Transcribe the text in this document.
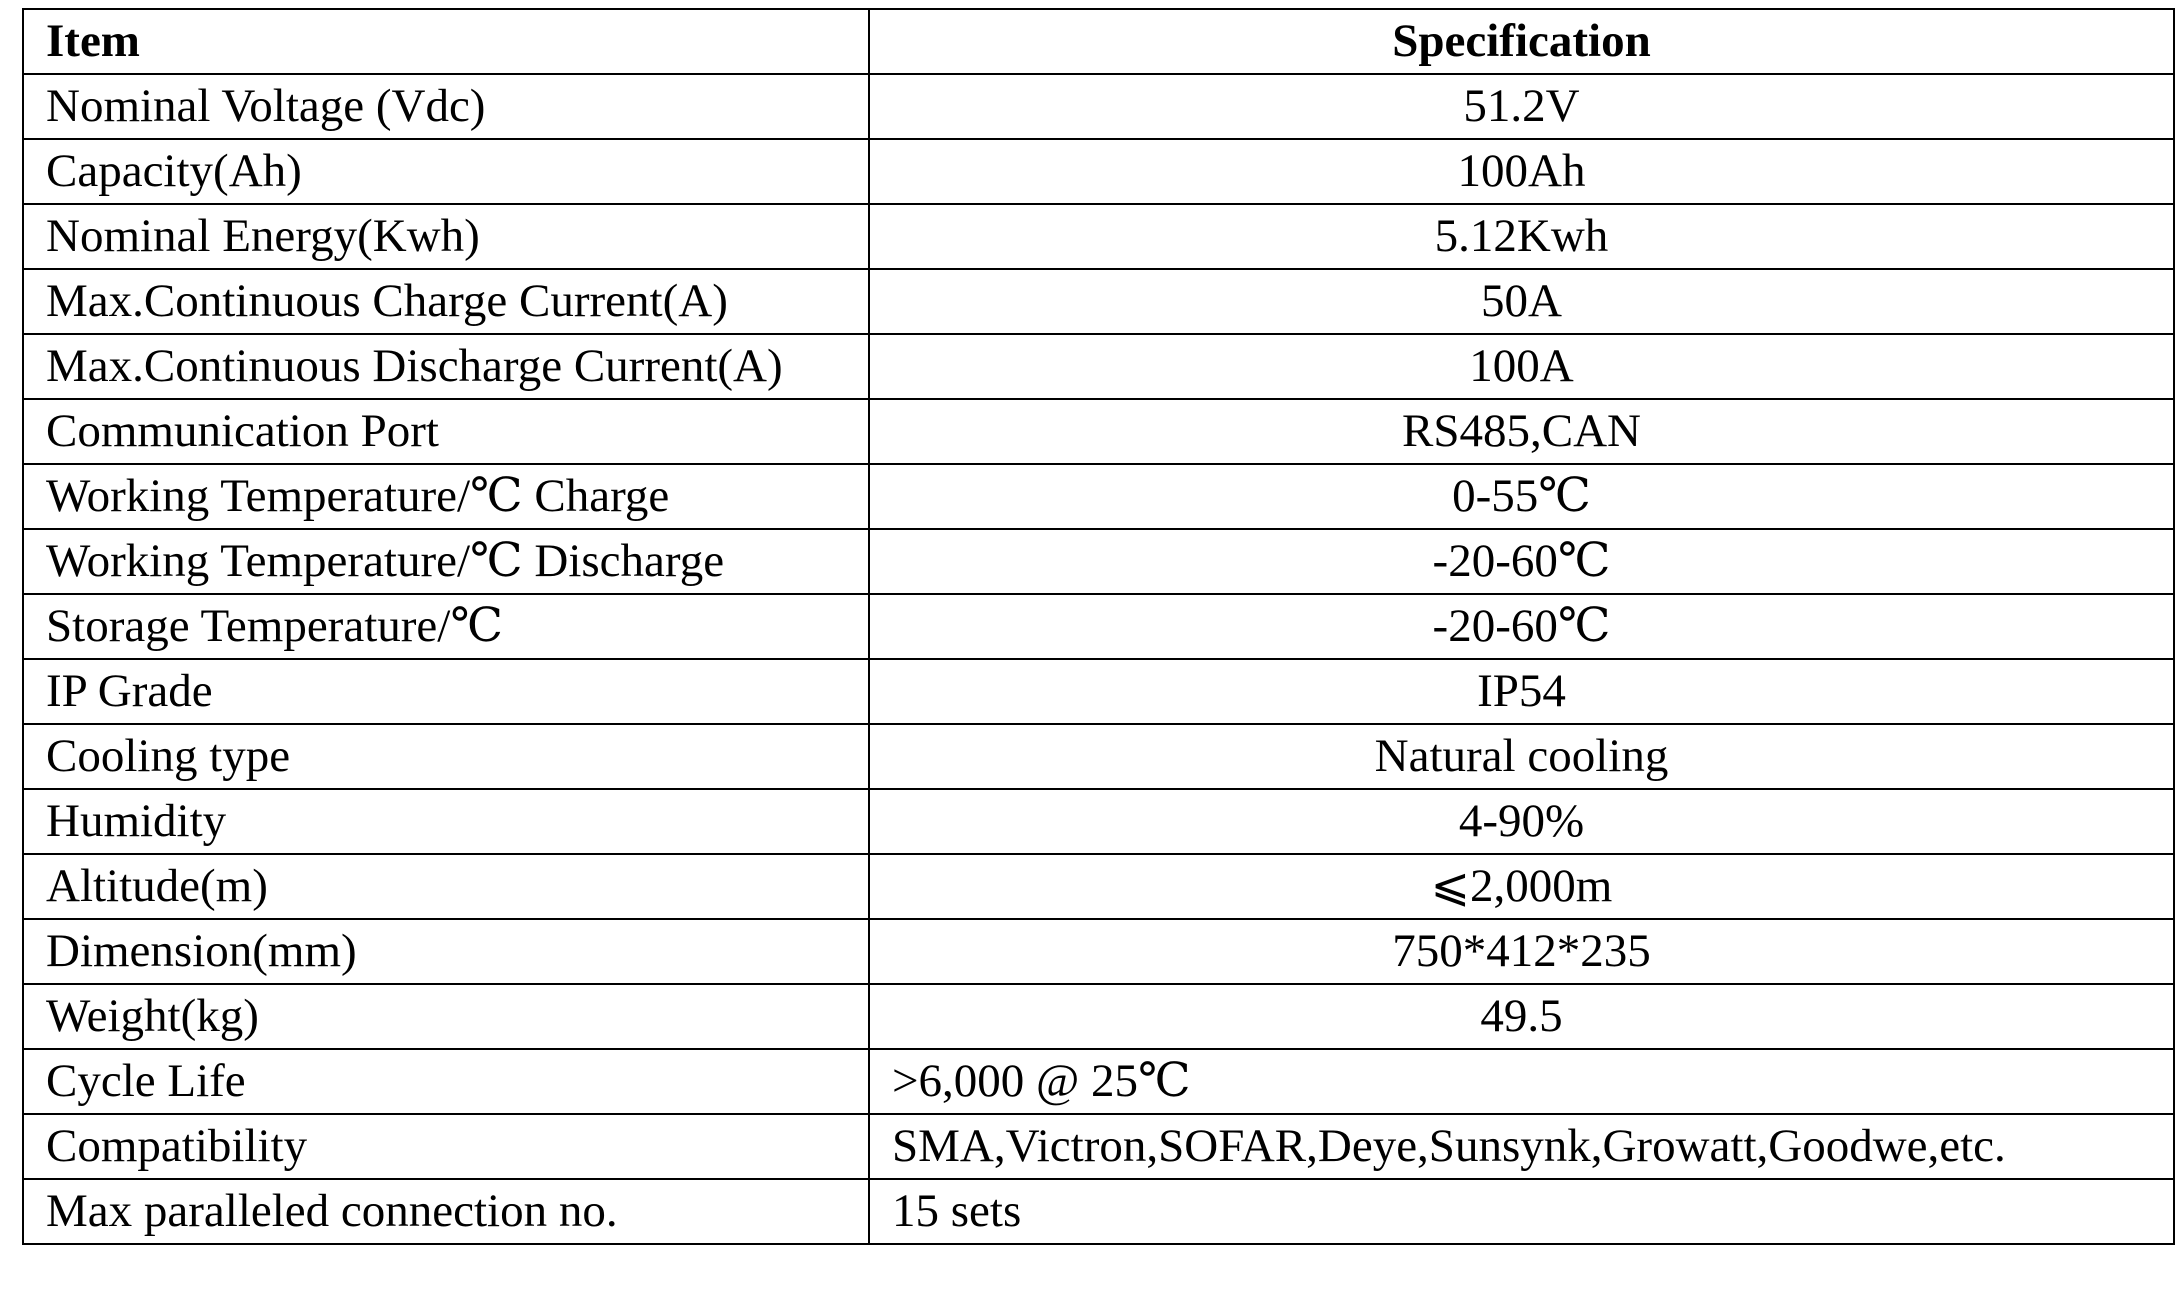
Item	Specification
Nominal Voltage (Vdc)	51.2V
Capacity(Ah)	100Ah
Nominal Energy(Kwh)	5.12Kwh
Max.Continuous Charge Current(A)	50A
Max.Continuous Discharge Current(A)	100A
Communication Port	RS485,CAN
Working Temperature/℃ Charge	0-55℃
Working Temperature/℃ Discharge	-20-60℃
Storage Temperature/℃	-20-60℃
IP Grade	IP54
Cooling type	Natural cooling
Humidity	4-90%
Altitude(m)	⩽2,000m
Dimension(mm)	750*412*235
Weight(kg)	49.5
Cycle Life	>6,000 @ 25℃
Compatibility	SMA,Victron,SOFAR,Deye,Sunsynk,Growatt,Goodwe,etc.
Max paralleled connection no.	15 sets
